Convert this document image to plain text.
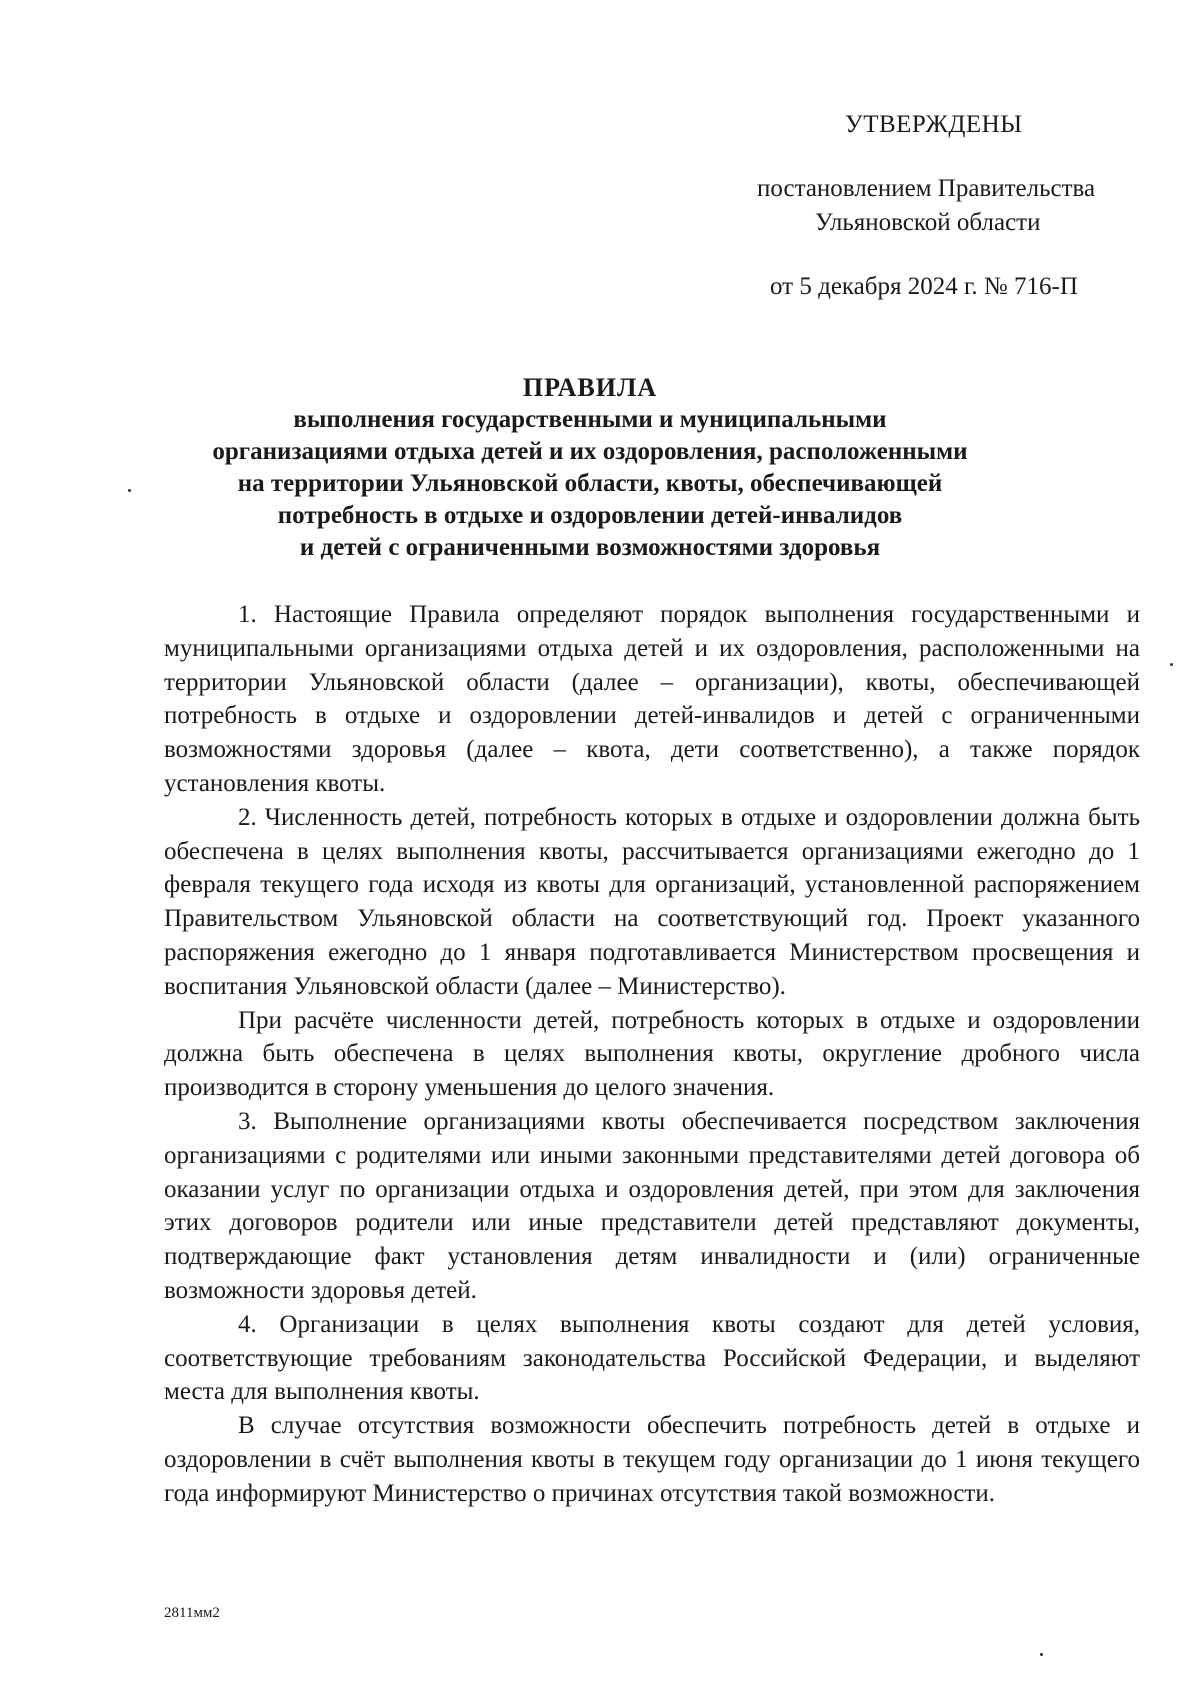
УТВЕРЖДЕНЫ
постановлением Правительства
Ульяновской области
от 5 декабря 2024 г. № 716-П
ПРАВИЛА
выполнения государственными и муниципальными
организациями отдыха детей и их оздоровления, расположенными
на территории Ульяновской области, квоты, обеспечивающей
потребность в отдыхе и оздоровлении детей-инвалидов
и детей с ограниченными возможностями здоровья

1. Настоящие Правила определяют порядок выполнения государственными и муниципальными организациями отдыха детей и их оздоровления, расположенными на территории Ульяновской области (далее – организации), квоты, обеспечивающей потребность в отдыхе и оздоровлении детей-инвалидов и детей с ограниченными возможностями здоровья (далее – квота, дети соответственно), а также порядок установления квоты.

2. Численность детей, потребность которых в отдыхе и оздоровлении должна быть обеспечена в целях выполнения квоты, рассчитывается организациями ежегодно до 1 февраля текущего года исходя из квоты для организаций, установленной распоряжением Правительством Ульяновской области на соответствующий год. Проект указанного распоряжения ежегодно до 1 января подготавливается Министерством просвещения и воспитания Ульяновской области (далее – Министерство).

При расчёте численности детей, потребность которых в отдыхе и оздоровлении должна быть обеспечена в целях выполнения квоты, округление дробного числа производится в сторону уменьшения до целого значения.

3. Выполнение организациями квоты обеспечивается посредством заключения организациями с родителями или иными законными представителями детей договора об оказании услуг по организации отдыха и оздоровления детей, при этом для заключения этих договоров родители или иные представители детей представляют документы, подтверждающие факт установления детям инвалидности и (или) ограниченные возможности здоровья детей.

4. Организации в целях выполнения квоты создают для детей условия, соответствующие требованиям законодательства Российской Федерации, и выделяют места для выполнения квоты.

В случае отсутствия возможности обеспечить потребность детей в отдыхе и оздоровлении в счёт выполнения квоты в текущем году организации до 1 июня текущего года информируют Министерство о причинах отсутствия такой возможности.

2811мм2
